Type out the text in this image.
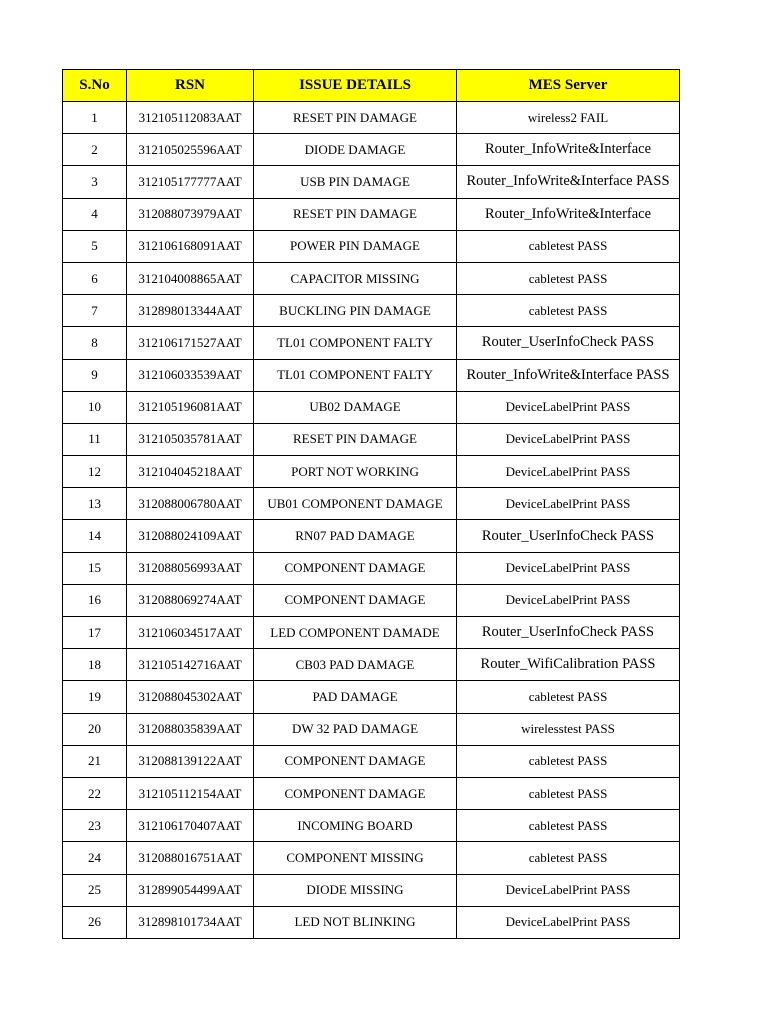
S.No	RSN	ISSUE DETAILS	MES Server
1	312105112083AAT	RESET PIN DAMAGE	wireless2 FAIL
2	312105025596AAT	DIODE DAMAGE	Router_InfoWrite&Interface
3	312105177777AAT	USB PIN DAMAGE	Router_InfoWrite&Interface PASS
4	312088073979AAT	RESET PIN DAMAGE	Router_InfoWrite&Interface
5	312106168091AAT	POWER PIN DAMAGE	cabletest PASS
6	312104008865AAT	CAPACITOR MISSING	cabletest PASS
7	312898013344AAT	BUCKLING PIN DAMAGE	cabletest PASS
8	312106171527AAT	TL01 COMPONENT FALTY	Router_UserInfoCheck PASS
9	312106033539AAT	TL01 COMPONENT FALTY	Router_InfoWrite&Interface PASS
10	312105196081AAT	UB02 DAMAGE	DeviceLabelPrint PASS
11	312105035781AAT	RESET PIN DAMAGE	DeviceLabelPrint PASS
12	312104045218AAT	PORT NOT WORKING	DeviceLabelPrint PASS
13	312088006780AAT	UB01 COMPONENT DAMAGE	DeviceLabelPrint PASS
14	312088024109AAT	RN07 PAD DAMAGE	Router_UserInfoCheck PASS
15	312088056993AAT	COMPONENT DAMAGE	DeviceLabelPrint PASS
16	312088069274AAT	COMPONENT DAMAGE	DeviceLabelPrint PASS
17	312106034517AAT	LED COMPONENT DAMADE	Router_UserInfoCheck PASS
18	312105142716AAT	CB03 PAD DAMAGE	Router_WifiCalibration PASS
19	312088045302AAT	PAD DAMAGE	cabletest PASS
20	312088035839AAT	DW 32 PAD DAMAGE	wirelesstest PASS
21	312088139122AAT	COMPONENT DAMAGE	cabletest PASS
22	312105112154AAT	COMPONENT DAMAGE	cabletest PASS
23	312106170407AAT	INCOMING BOARD	cabletest PASS
24	312088016751AAT	COMPONENT MISSING	cabletest PASS
25	312899054499AAT	DIODE MISSING	DeviceLabelPrint PASS
26	312898101734AAT	LED NOT BLINKING	DeviceLabelPrint PASS
